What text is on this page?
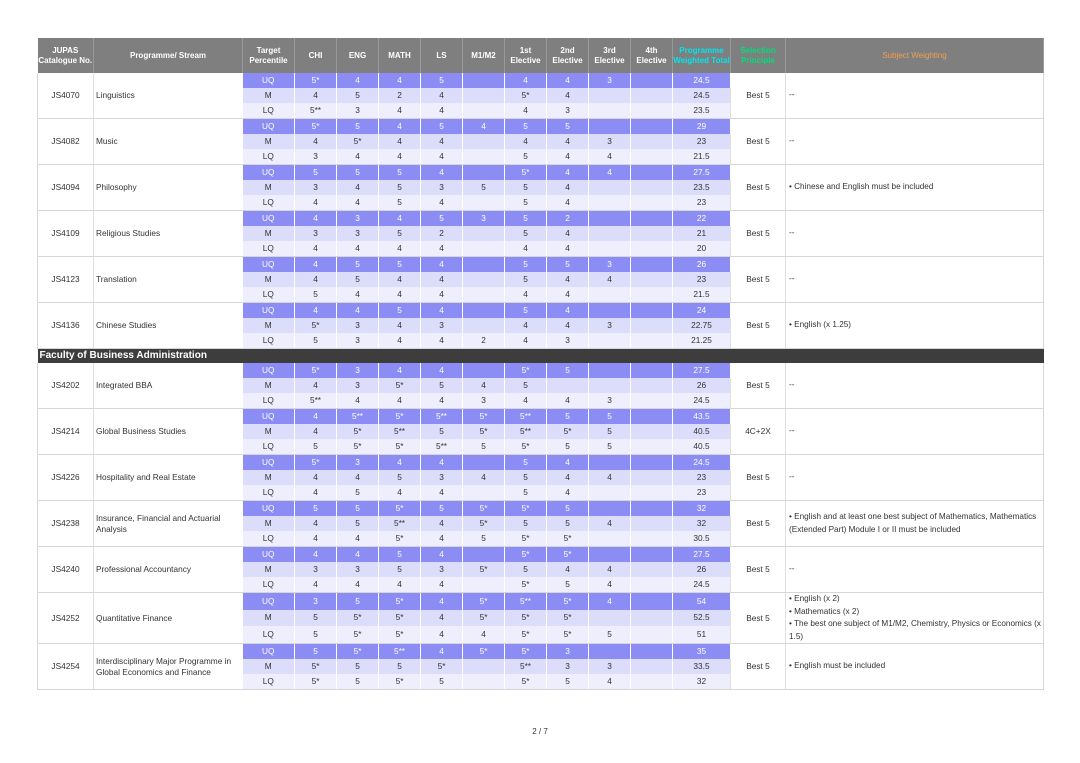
JUPAS Catalogue No.	Programme/ Stream	Target Percentile	CHI	ENG	MATH	LS	M1/M2	1st Elective	2nd Elective	3rd Elective	4th Elective	Programme Weighted Total	Selection Principle	Subject Weighting
JS4070	Linguistics	UQ	5*	4	4	5		4	4	3		24.5	Best 5	--

		M	4	5	2	4		5*	4			24.5		
		LQ	5**	3	4	4		4	3			23.5		
JS4082	Music	UQ	5*	5	4	5	4	5	5			29	Best 5	--

		M	4	5*	4	4		4	4	3		23		
		LQ	3	4	4	4		5	4	4		21.5		
JS4094	Philosophy	UQ	5	5	5	4		5*	4	4		27.5	Best 5	• Chinese and English must be included

		M	3	4	5	3	5	5	4			23.5		
		LQ	4	4	5	4		5	4			23		
JS4109	Religious Studies	UQ	4	3	4	5	3	5	2			22	Best 5	--

		M	3	3	5	2		5	4			21		
		LQ	4	4	4	4		4	4			20		
JS4123	Translation	UQ	4	5	5	4		5	5	3		26	Best 5	--

		M	4	5	4	4		5	4	4		23		
		LQ	5	4	4	4		4	4			21.5		
JS4136	Chinese Studies	UQ	4	4	5	4		5	4			24	Best 5	• English (x 1.25)

		M	5*	3	4	3		4	4	3		22.75		
		LQ	5	3	4	4	2	4	3			21.25		
Faculty of Business Administration														
JS4202	Integrated BBA	UQ	5*	3	4	4		5*	5			27.5	Best 5	--

		M	4	3	5*	5	4	5				26		
		LQ	5**	4	4	4	3	4	4	3		24.5		
JS4214	Global Business Studies	UQ	4	5**	5*	5**	5*	5**	5	5		43.5	4C+2X	--

		M	4	5*	5**	5	5*	5**	5*	5		40.5		
		LQ	5	5*	5*	5**	5	5*	5	5		40.5		
JS4226	Hospitality and Real Estate	UQ	5*	3	4	4		5	4			24.5	Best 5	--

		M	4	4	5	3	4	5	4	4		23		
		LQ	4	5	4	4		5	4			23		
JS4238	Insurance, Financial and Actuarial Analysis	UQ	5	5	5*	5	5*	5*	5			32	Best 5	• English and at least one best subject of Mathematics, Mathematics (Extended Part) Module I or II must be included

		M	4	5	5**	4	5*	5	5	4		32		
		LQ	4	4	5*	4	5	5*	5*			30.5		
JS4240	Professional Accountancy	UQ	4	4	5	4		5*	5*			27.5	Best 5	--

		M	3	3	5	3	5*	5	4	4		26		
		LQ	4	4	4	4		5*	5	4		24.5		
JS4252	Quantitative Finance	UQ	3	5	5*	4	5*	5**	5*	4		54	Best 5	• English (x 2)
• Mathematics (x 2)
• The best one subject of M1/M2, Chemistry, Physics or Economics (x 1.5)

		M	5	5*	5*	4	5*	5*	5*			52.5		
		LQ	5	5*	5*	4	4	5*	5*	5		51		
JS4254	Interdisciplinary Major Programme in Global Economics and Finance	UQ	5	5*	5**	4	5*	5*	3			35	Best 5	• English must be included

		M	5*	5	5	5*		5**	3	3		33.5		
		LQ	5*	5	5*	5		5*	5	4		32		
2 / 7
